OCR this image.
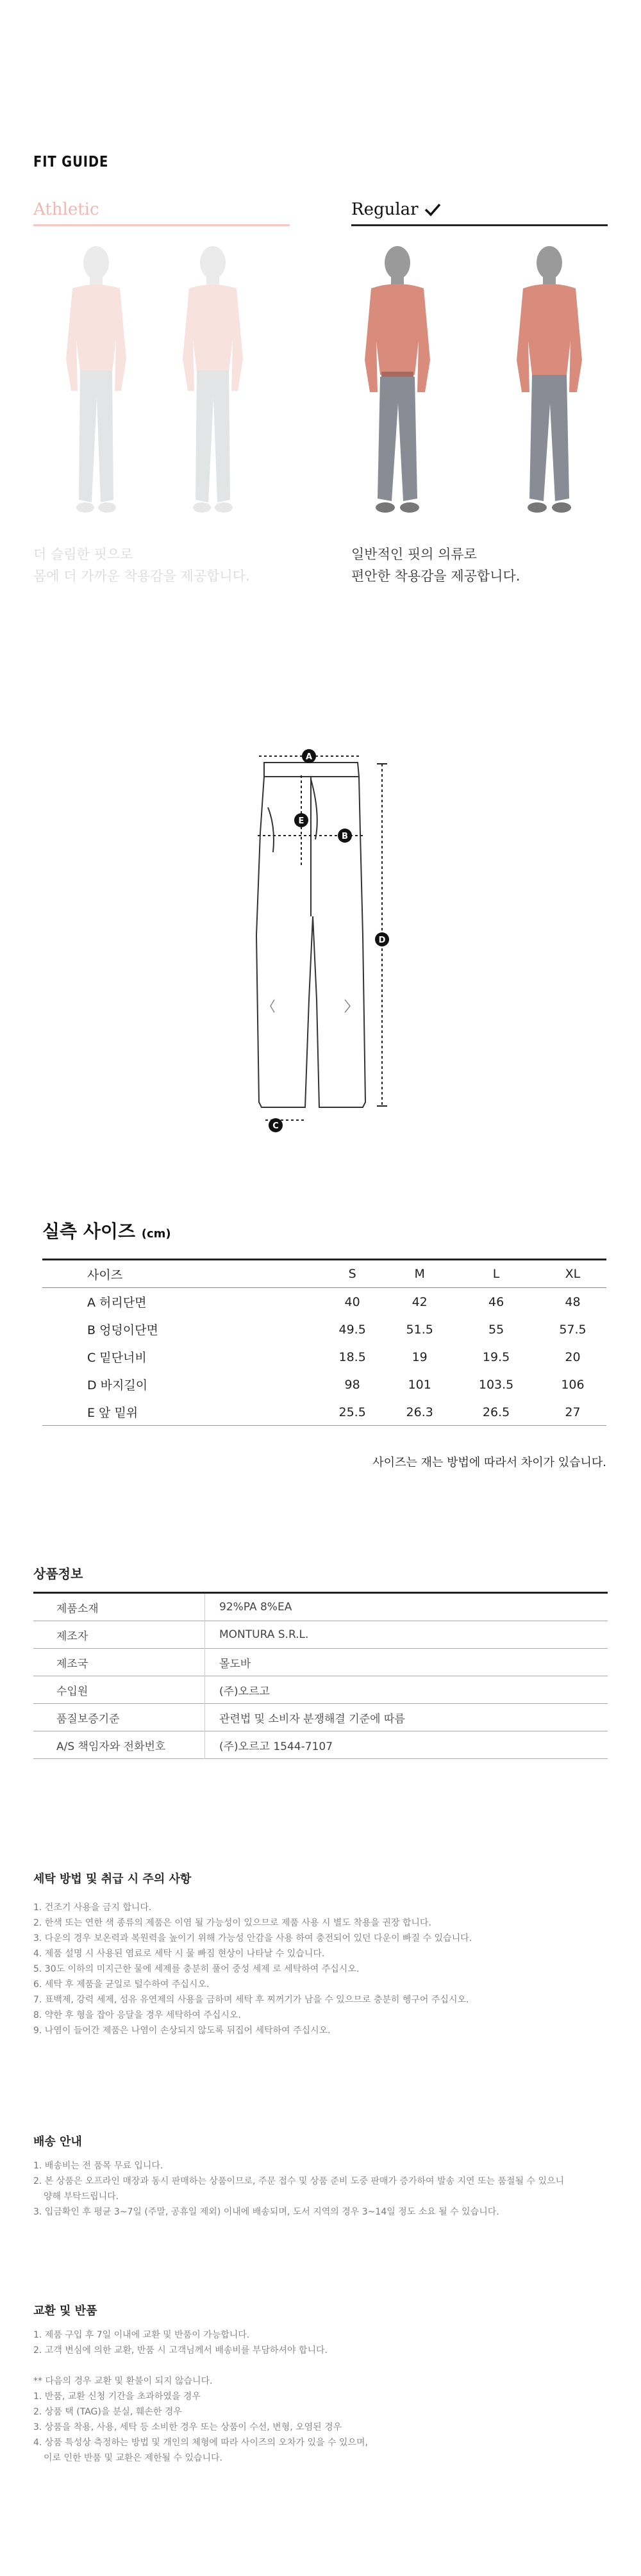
FIT GUIDE
Athletic	Regular
더 슬림한 핏으로
몸에 더 가까운 착용감을 제공합니다.
일반적인 핏의 의류로
편안한 착용감을 제공합니다.
A
B
C
D
E
실측 사이즈 (cm)
사이즈	S	M	L	XL
A 허리단면	40	42	46	48
B 엉덩이단면	49.5	51.5	55	57.5
C 밑단너비	18.5	19	19.5	20
D 바지길이	98	101	103.5	106
E 앞 밑위	25.5	26.3	26.5	27
사이즈는 재는 방법에 따라서 차이가 있습니다.
상품정보
제품소재	92%PA 8%EA
제조자	MONTURA S.R.L.
제조국	몰도바
수입원	(주)오르고
품질보증기준	관련법 및 소비자 분쟁해결 기준에 따름
A/S 책임자와 전화번호	(주)오르고 1544-7107
세탁 방법 및 취급 시 주의 사항
1. 건조기 사용을 금지 합니다.
2. 한색 또는 연한 색 종류의 제품은 이염 될 가능성이 있으므로 제품 사용 시 별도 착용을 권장 합니다.
3. 다운의 경우 보온력과 복원력을 높이기 위해 가능성 안감을 사용 하여 충전되어 있던 다운이 빠질 수 있습니다.
4. 제품 설명 시 사용된 염료로 세탁 시 물 빠짐 현상이 나타날 수 있습니다.
5. 30도 이하의 미지근한 물에 세제를 충분히 풀어 중성 세제 로 세탁하여 주십시오.
6. 세탁 후 제품을 균일로 털수하여 주십시오.
7. 표백제, 강력 세제, 섬유 유연제의 사용을 금하며 세탁 후 찌꺼기가 남을 수 있으므로 충분히 헹구어 주십시오.
8. 약한 후 형을 잡아 응달을 경우 세탁하여 주십시오.
9. 나염이 들어간 제품은 나염이 손상되지 않도록 뒤집어 세탁하여 주십시오.
배송 안내
1. 배송비는 전 품목 무료 입니다.
2. 본 상품은 오프라인 매장과 동시 판매하는 상품이므로, 주문 접수 및 상품 준비 도중 판매가 증가하여 발송 지연 또는 품절될 수 있으니
양해 부탁드립니다.
3. 입금확인 후 평균 3~7일 (주말, 공휴일 제외) 이내에 배송되며, 도서 지역의 경우 3~14일 정도 소요 될 수 있습니다.
교환 및 반품
1. 제품 구입 후 7일 이내에 교환 및 반품이 가능합니다.
2. 고객 변심에 의한 교환, 반품 시 고객님께서 배송비를 부담하셔야 합니다.
** 다음의 경우 교환 및 환불이 되지 않습니다.
1. 반품, 교환 신청 기간을 초과하였을 경우
2. 상품 택 (TAG)을 분실, 훼손한 경우
3. 상품을 착용, 사용, 세탁 등 소비한 경우 또는 상품이 수선, 변형, 오염된 경우
4. 상품 특성상 측정하는 방법 및 개인의 체형에 따라 사이즈의 오차가 있을 수 있으며,
이로 인한 반품 및 교환은 제한될 수 있습니다.
